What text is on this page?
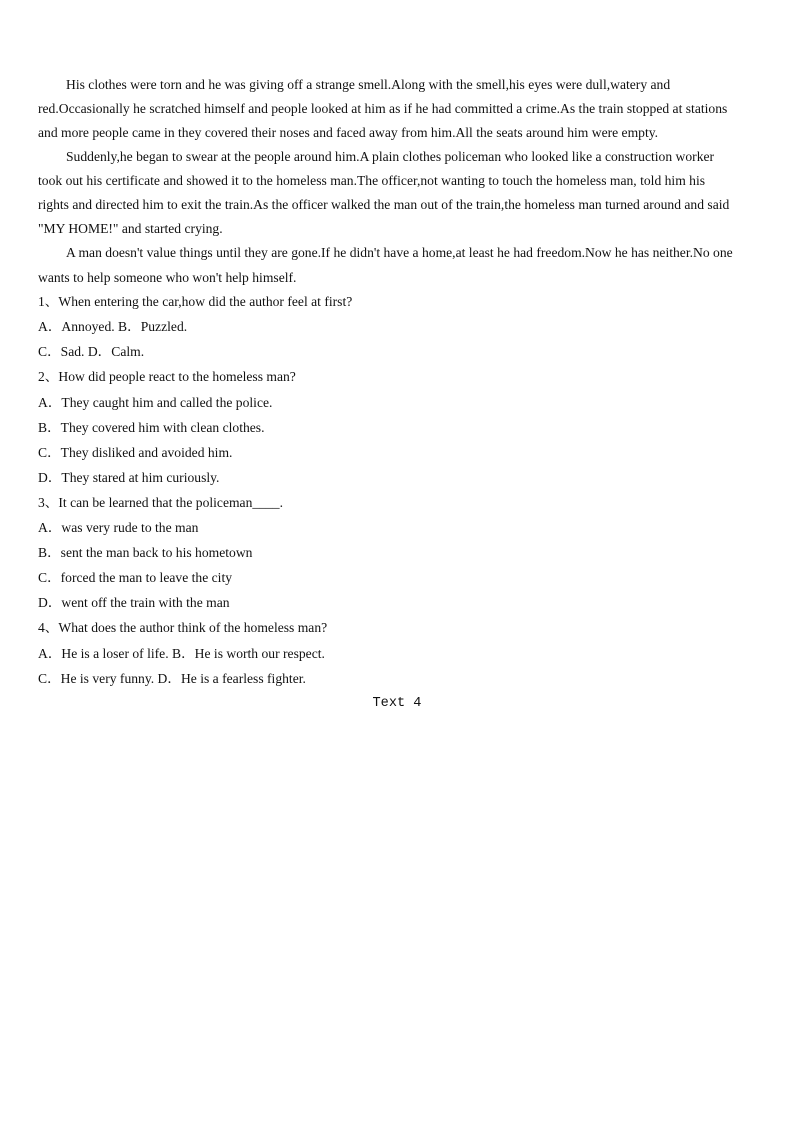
His clothes were torn and he was giving off a strange smell.Along with the smell,his eyes were dull,watery and
red.Occasionally he scratched himself and people looked at him as if he had committed a crime.As the train stopped at stations
and more people came in they covered their noses and faced away from him.All the seats around him were empty.
Suddenly,he began to swear at the people around him.A plain clothes policeman who looked like a construction worker
took out his certificate and showed it to the homeless man.The officer,not wanting to touch the homeless man, told him his
rights and directed him to exit the train.As the officer walked the man out of the train,the homeless man turned around and said
"MY HOME!" and started crying.
A man doesn't value things until they are gone.If he didn't have a home,at least he had freedom.Now he has neither.No one
wants to help someone who won't help himself.
1、When entering the car,how did the author feel at first?
A．Annoyed. B．Puzzled.
C．Sad. D．Calm.
2、How did people react to the homeless man?
A．They caught him and called the police.
B．They covered him with clean clothes.
C．They disliked and avoided him.
D．They stared at him curiously.
3、It can be learned that the policeman____.
A．was very rude to the man
B．sent the man back to his hometown
C．forced the man to leave the city
D．went off the train with the man
4、What does the author think of the homeless man?
A．He is a loser of life. B．He is worth our respect.
C．He is very funny. D．He is a fearless fighter.
Text 4
